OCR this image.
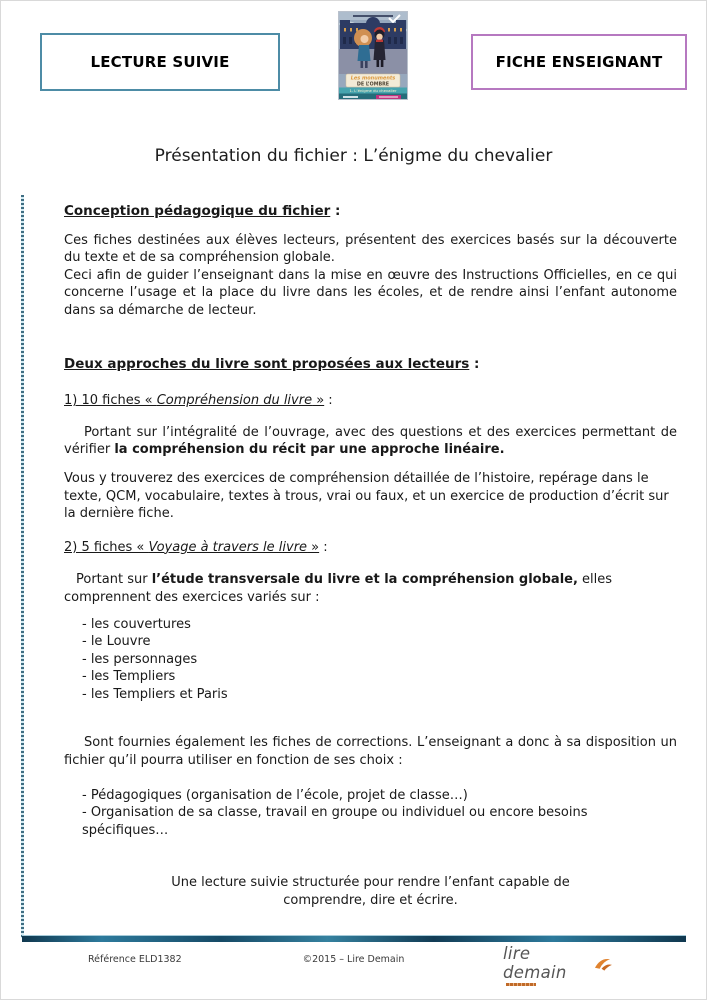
LECTURE SUIVIE
Les monuments
DE L’OMBRE
1. L’énigme du chevalier
FICHE ENSEIGNANT
Présentation du fichier : L’énigme du chevalier
Conception pédagogique du fichier :
Ces fiches destinées aux élèves lecteurs, présentent des exercices basés sur la découverte du texte et de sa compréhension globale.
Ceci afin de guider l’enseignant dans la mise en œuvre des Instructions Officielles, en ce qui concerne l’usage et la place du livre dans les écoles, et de rendre ainsi l’enfant autonome dans sa démarche de lecteur.
Deux approches du livre sont proposées aux lecteurs :
1) 10 fiches « Compréhension du livre » :
Portant sur l’intégralité de l’ouvrage, avec des questions et des exercices permettant de vérifier la compréhension du récit par une approche linéaire.
Vous y trouverez des exercices de compréhension détaillée de l’histoire, repérage dans le texte, QCM, vocabulaire, textes à trous, vrai ou faux, et un exercice de production d’écrit sur la dernière fiche.
2) 5 fiches « Voyage à travers le livre » :
Portant sur l’étude transversale du livre et la compréhension globale, elles comprennent des exercices variés sur :
- les couvertures
- le Louvre
- les personnages
- les Templiers
- les Templiers et Paris
Sont fournies également les fiches de corrections. L’enseignant a donc à sa disposition un fichier qu’il pourra utiliser en fonction de ses choix :
- Pédagogiques (organisation de l’école, projet de classe…)
- Organisation de sa classe, travail en groupe ou individuel ou encore besoins spécifiques…
Une lecture suivie structurée pour rendre l’enfant capable de comprendre, dire et écrire.
Référence ELD1382	©2015 – Lire Demain	lire demain
